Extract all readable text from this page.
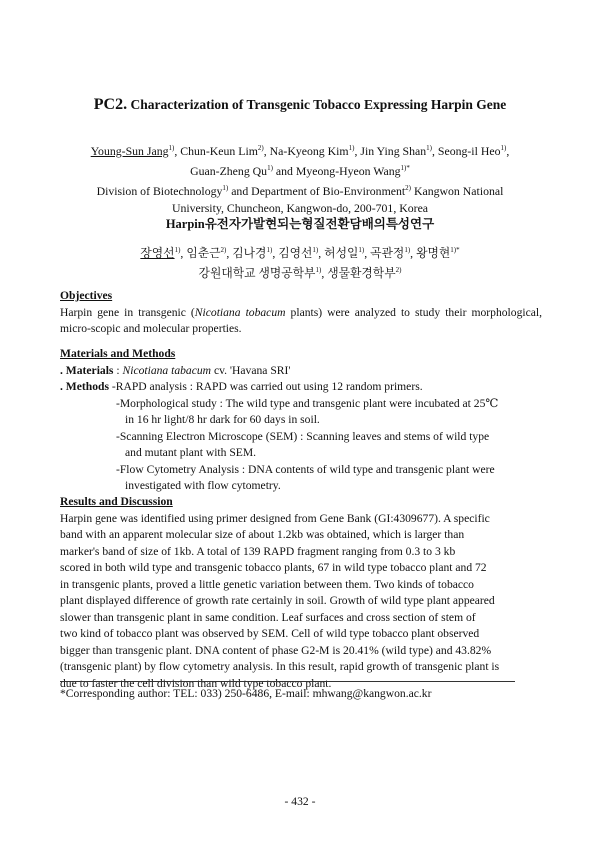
PC2. Characterization of Transgenic Tobacco Expressing Harpin Gene
Young-Sun Jang$^{1)}$, Chun-Keun Lim$^{2)}$, Na-Kyeong Kim$^{1)}$, Jin Ying Shan$^{1)}$, Seong-il Heo$^{1)}$,
Guan-Zheng Qu$^{1)}$ and Myeong-Hyeon Wang$^{1)*}$
Division of Biotechnology$^{1)}$ and Department of Bio-Environment$^{2)}$ Kangwon National
University, Chuncheon, Kangwon-do, 200-701, Korea
Harpin유전자가발현되는형질전환담배의특성연구
장영선$^{1)}$, 임춘근$^{2)}$, 김나경$^{1)}$, 김영선$^{1)}$, 허성일$^{1)}$, 곡관정$^{1)}$, 왕명현$^{1)*}$
강원대학교 생명공학부$^{1)}$, 생물환경학부$^{2)}$
Objectives
Harpin gene in transgenic (Nicotiana tobacum plants) were analyzed to study their morphological, micro-scopic and molecular properties.
Materials and Methods
. Materials : Nicotiana tabacum cv. 'Havana SRI'
. Methods -RAPD analysis : RAPD was carried out using 12 random primers.
-Morphological study : The wild type and transgenic plant were incubated at 25℃
in 16 hr light/8 hr dark for 60 days in soil.
-Scanning Electron Microscope (SEM) : Scanning leaves and stems of wild type
and mutant plant with SEM.
-Flow Cytometry Analysis : DNA contents of wild type and transgenic plant were
investigated with flow cytometry.
Results and Discussion
Harpin gene was identified using primer designed from Gene Bank (GI:4309677). A specific
band with an apparent molecular size of about 1.2kb was obtained, which is larger than
marker's band of size of 1kb. A total of 139 RAPD fragment ranging from 0.3 to 3 kb
scored in both wild type and transgenic tobacco plants, 67 in wild type tobacco plant and 72
in transgenic plants, proved a little genetic variation between them. Two kinds of tobacco
plant displayed difference of growth rate certainly in soil. Growth of wild type plant appeared
slower than transgenic plant in same condition. Leaf surfaces and cross section of stem of
two kind of tobacco plant was observed by SEM. Cell of wild type tobacco plant observed
bigger than transgenic plant. DNA content of phase G2-M is 20.41% (wild type) and 43.82%
(transgenic plant) by flow cytometry analysis. In this result, rapid growth of transgenic plant is
due to faster the cell division than wild type tobacco plant.
*Corresponding author: TEL: 033) 250-6486, E-mail: mhwang@kangwon.ac.kr
- 432 -
